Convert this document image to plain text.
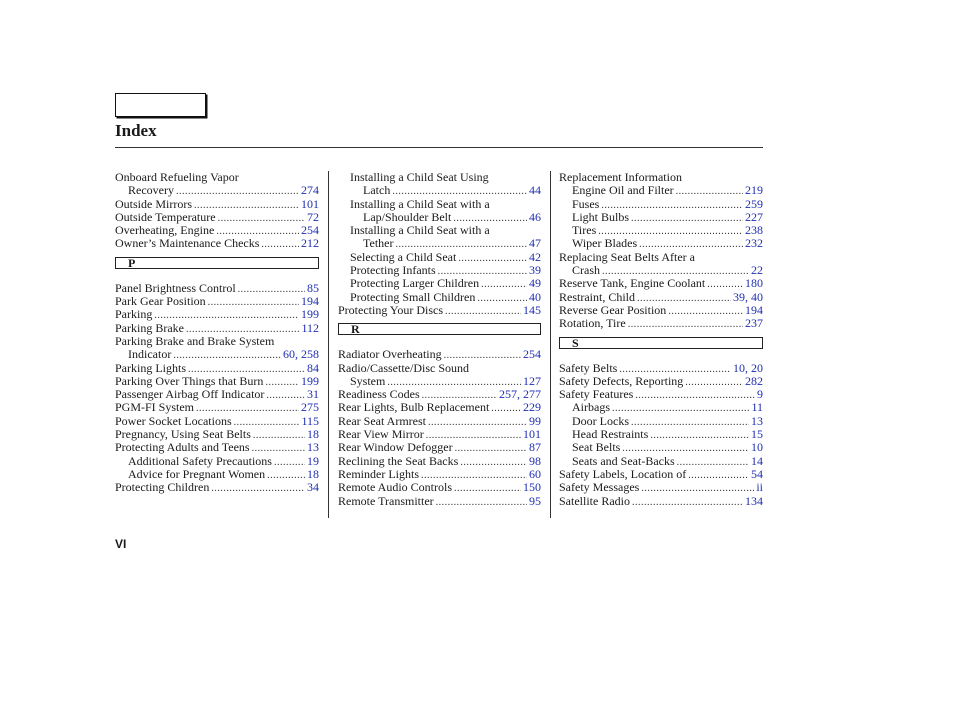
Index
Onboard Refueling Vapor
Recovery .....	274
Outside Mirrors .....	101
Outside Temperature .....	72
Overheating, Engine .....	254
Owner’s Maintenance Checks .....	212
P
Panel Brightness Control .....	85
Park Gear Position .....	194
Parking .....	199
Parking Brake .....	112
Parking Brake and Brake System
Indicator .....	60, 258
Parking Lights .....	84
Parking Over Things that Burn .....	199
Passenger Airbag Off Indicator .....	31
PGM-FI System .....	275
Power Socket Locations .....	115
Pregnancy, Using Seat Belts .....	18
Protecting Adults and Teens .....	13
Additional Safety Precautions .....	19
Advice for Pregnant Women .....	18
Protecting Children .....	34
Installing a Child Seat Using
Latch .....	44
Installing a Child Seat with a
Lap/Shoulder Belt .....	46
Installing a Child Seat with a
Tether .....	47
Selecting a Child Seat .....	42
Protecting Infants .....	39
Protecting Larger Children .....	49
Protecting Small Children .....	40
Protecting Your Discs .....	145
R
Radiator Overheating .....	254
Radio/Cassette/Disc Sound
System .....	127
Readiness Codes .....	257, 277
Rear Lights, Bulb Replacement .....	229
Rear Seat Armrest .....	99
Rear View Mirror .....	101
Rear Window Defogger .....	87
Reclining the Seat Backs .....	98
Reminder Lights .....	60
Remote Audio Controls .....	150
Remote Transmitter .....	95
Replacement Information
Engine Oil and Filter .....	219
Fuses .....	259
Light Bulbs .....	227
Tires .....	238
Wiper Blades .....	232
Replacing Seat Belts After a
Crash .....	22
Reserve Tank, Engine Coolant .....	180
Restraint, Child .....	39, 40
Reverse Gear Position .....	194
Rotation, Tire .....	237
S
Safety Belts .....	10, 20
Safety Defects, Reporting .....	282
Safety Features .....	9
Airbags .....	11
Door Locks .....	13
Head Restraints .....	15
Seat Belts .....	10
Seats and Seat-Backs .....	14
Safety Labels, Location of .....	54
Safety Messages .....	ii
Satellite Radio .....	134
VI
